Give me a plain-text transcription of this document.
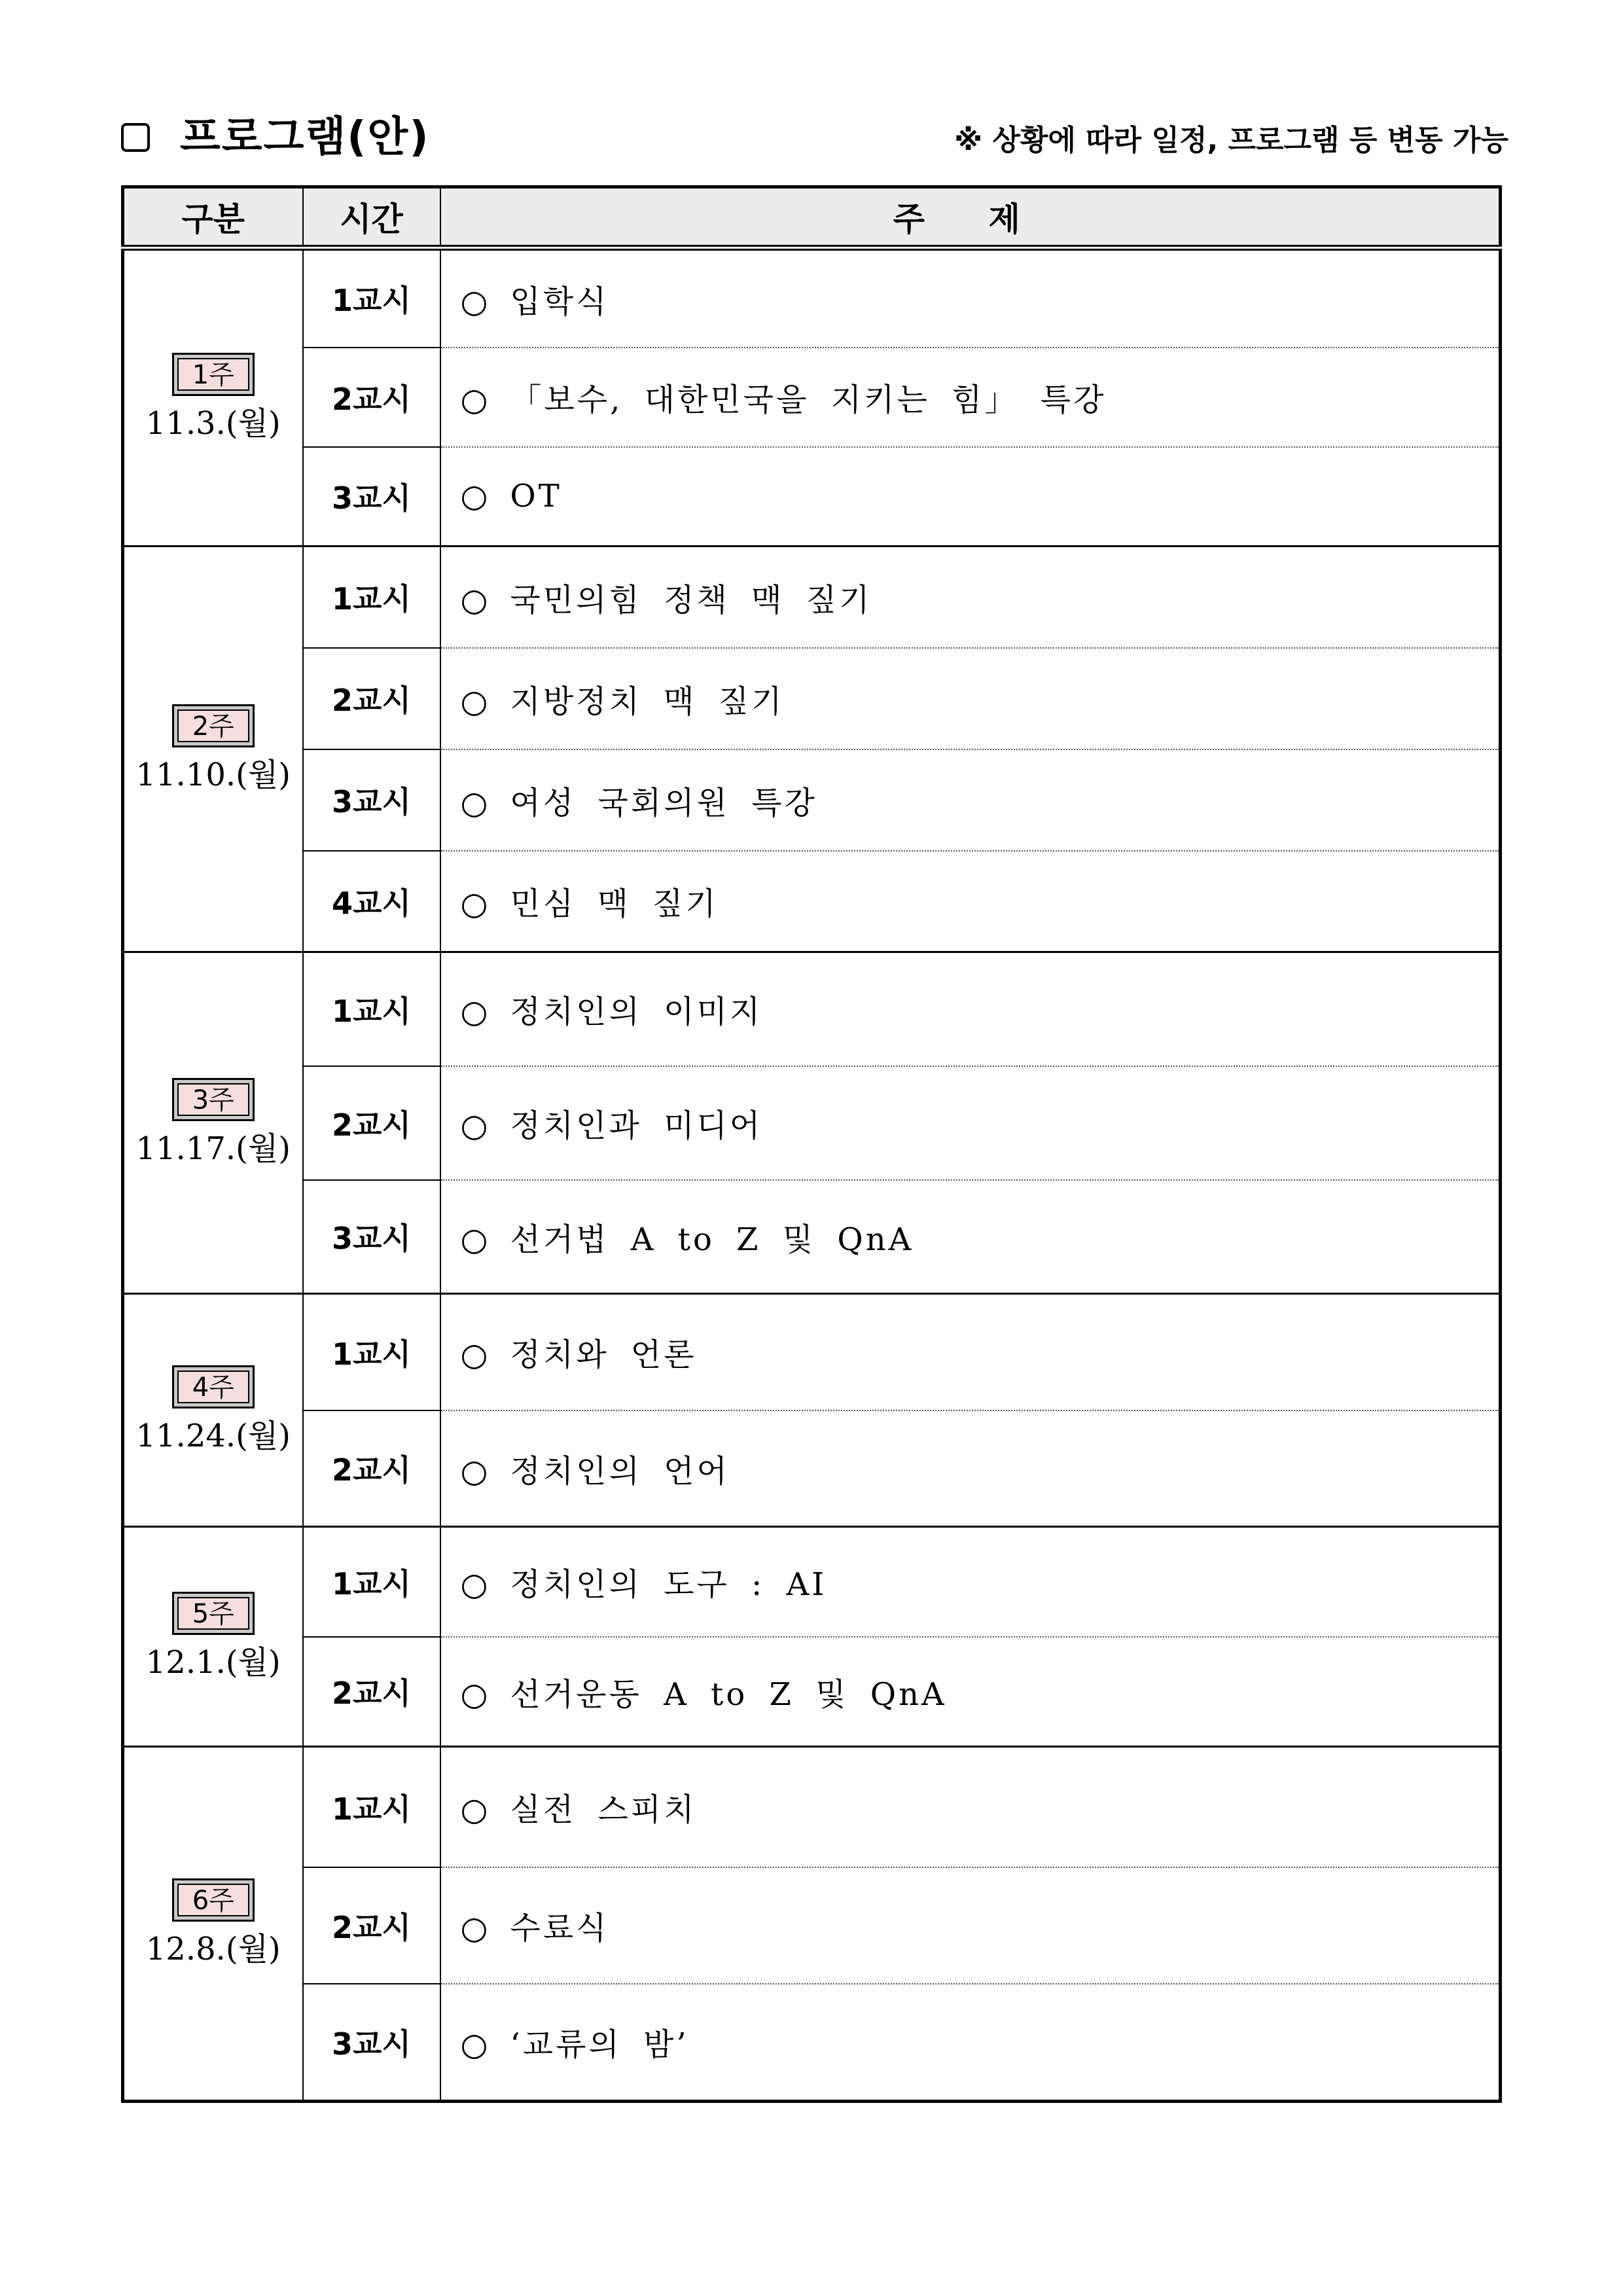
프로그램(안)	※ 상황에 따라 일정, 프로그램 등 변동 가능
구분	시간	주 제

1주
11.3.(월)	1교시	○ 입학식
	2교시	○ 「보수, 대한민국을 지키는 힘」 특강
	3교시	○ OT

2주
11.10.(월)	1교시	○ 국민의힘 정책 맥 짚기
	2교시	○ 지방정치 맥 짚기
	3교시	○ 여성 국회의원 특강
	4교시	○ 민심 맥 짚기

3주
11.17.(월)	1교시	○ 정치인의 이미지
	2교시	○ 정치인과 미디어
	3교시	○ 선거법 A to Z 및 QnA

4주
11.24.(월)	1교시	○ 정치와 언론
	2교시	○ 정치인의 언어

5주
12.1.(월)	1교시	○ 정치인의 도구 : AI
	2교시	○ 선거운동 A to Z 및 QnA

6주
12.8.(월)	1교시	○ 실전 스피치
	2교시	○ 수료식
	3교시	○ ‘교류의 밤’
